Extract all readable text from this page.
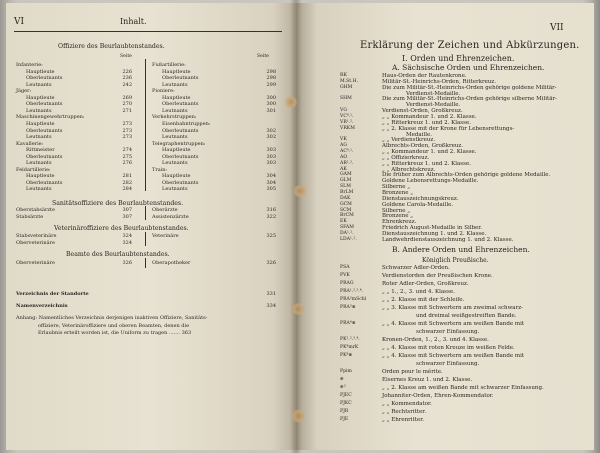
VI	Inhalt.
Offiziere des Beurlaubtenstandes.
Seite	Seite
Infanterie:
Hauptleute	226
Oberleutnants	236
Leutnants	242
Jäger:
Hauptleute	269
Oberleutnants	270
Leutnants	271
Maschinengewehrtruppen:
Hauptleute	273
Oberleutnants	273
Leutnants	273
Kavallerie:
Rittmeister	274
Oberleutnants	275
Leutnants	276
Feldartillerie:
Hauptleute	281
Oberleutnants	282
Leutnants	284
Fußartillerie:
Hauptleute	298
Oberleutnants	298
Leutnants	299
Pioniere:
Hauptleute	300
Oberleutnants	300
Leutnants	301
Verkehrstruppen:
Eisenbahntruppen:
Oberleutnants	302
Leutnants	302
Telegraphentruppen:
Hauptleute	303
Oberleutnants	303
Leutnants	303
Train:
Hauptleute	304
Oberleutnants	304
Leutnants	305
Sanitätsoffiziere des Beurlaubtenstandes.
Oberstabsärzte	307
Stabsärzte	307
Oberärzte	316
Assistenzärzte	322
Veterinäroffiziere des Beurlaubtenstandes.
Stabsveterinäre	324
Oberveterinäre	324
Veterinäre	325
Beamte des Beurlaubtenstandes.
Oberveterinäre	326	Oberapotheker	326
Verzeichnis der Standorte	331
Namenverzeichnis	334
Anhang: Namentliches Verzeichnis derjenigen inaktiven Offiziere, Sanitäts-
offiziere, Veterinäroffiziere und oberen Beamten, denen die
Erlaubnis erteilt worden ist, die Uniform zu tragen ....... 363
VII
Erklärung der Zeichen und Abkürzungen.
I. Orden und Ehrenzeichen.
A. Sächsische Orden und Ehrenzeichen.
RK	Haus-Orden der Rautenkrone.
M.St.H.	Militär-St.-Heinrichs-Orden, Ritterkreuz.
GHM	Die zum Militär-St.-Heinrichs-Orden gehörige goldene Militär-
Verdienst-Medaille.
SHM	Die zum Militär-St.-Heinrichs-Orden gehörige silberne Militär-
Verdienst-Medaille.
VG	Verdienst-Orden, Großkreuz.
VC⁰.¹.	„ „ Kommandeur 1. und 2. Klasse.
VR¹.².	„ „ Ritterkreuz 1. und 2. Klasse.
VRKM	„ „ 2. Klasse mit der Krone für Lebensrettungs-
Medaille.
VK	„ „ Verdienstkreuz.
AG	Albrechts-Orden, Großkreuz.
AC⁰.¹.	„ „ Kommandeur 1. und 2. Klasse.
AO	„ „ Offizierkreuz.
AR¹.².	„ „ Ritterkreuz 1. und 2. Klasse.
AK	„ „ Albrechtskreuz.
GAM	Die früher zum Albrechts-Orden gehörige goldene Medaille.
GLM	Goldene Lebensrettungs-Medaille.
SLM	Silberne „
BrLM	Bronzene „
DAK	Dienstauszeichnungskreuz.
GCM	Goldene Carola-Medaille.
SCM	Silberne „
BrCM	Bronzene „
EK	Ehrenkreuz.
SFAM	Friedrich August-Medaille in Silber.
DA¹.².	Dienstauszeichnung 1. und 2. Klasse.
LDA¹.².	Landwehrdienstauszeichnung 1. und 2. Klasse.
B. Andere Orden und Ehrenzeichen.
Königlich Preußische.
PSA	Schwarzer Adler-Orden.
PVK	Verdienstorden der Preußischen Krone.
PRAG	Roter Adler-Orden, Großkreuz.
PRA¹.².³.⁴.	„ „ 1., 2., 3. und 4. Klasse.
PRA²mSchl	„ „ 2. Klasse mit der Schleife.
PRA³⊗	„ „ 3. Klasse mit Schwertern am zweimal schwarz-
und dreimal weißgestreiften Bande.
PRA⁴⊗	„ „ 4. Klasse mit Schwertern am weißen Bande mit
schwarzer Einfassung.
PK¹.².³.⁴.	Kronen-Orden, 1., 2., 3. und 4. Klasse.
PK⁴mrK	„ „ 4. Klasse mit roten Kreuze im weißen Felde.
PK⁴⊗	„ „ 4. Klasse mit Schwertern am weißen Bande mit
schwarzer Einfassung.
Ppim	Orden pour le mérite.
⊕	Eisernes Kreuz 1. und 2. Klasse.
⊕²	„ „ 2. Klasse am weißen Bande mit schwarzer Einfassung.
PJEC	Johanniter-Orden, Ehren-Kommendator.
PJKC	„ „ Kommendator.
PJR	„ „ Rechtsritter.
PJE	„ „ Ehrenritter.
